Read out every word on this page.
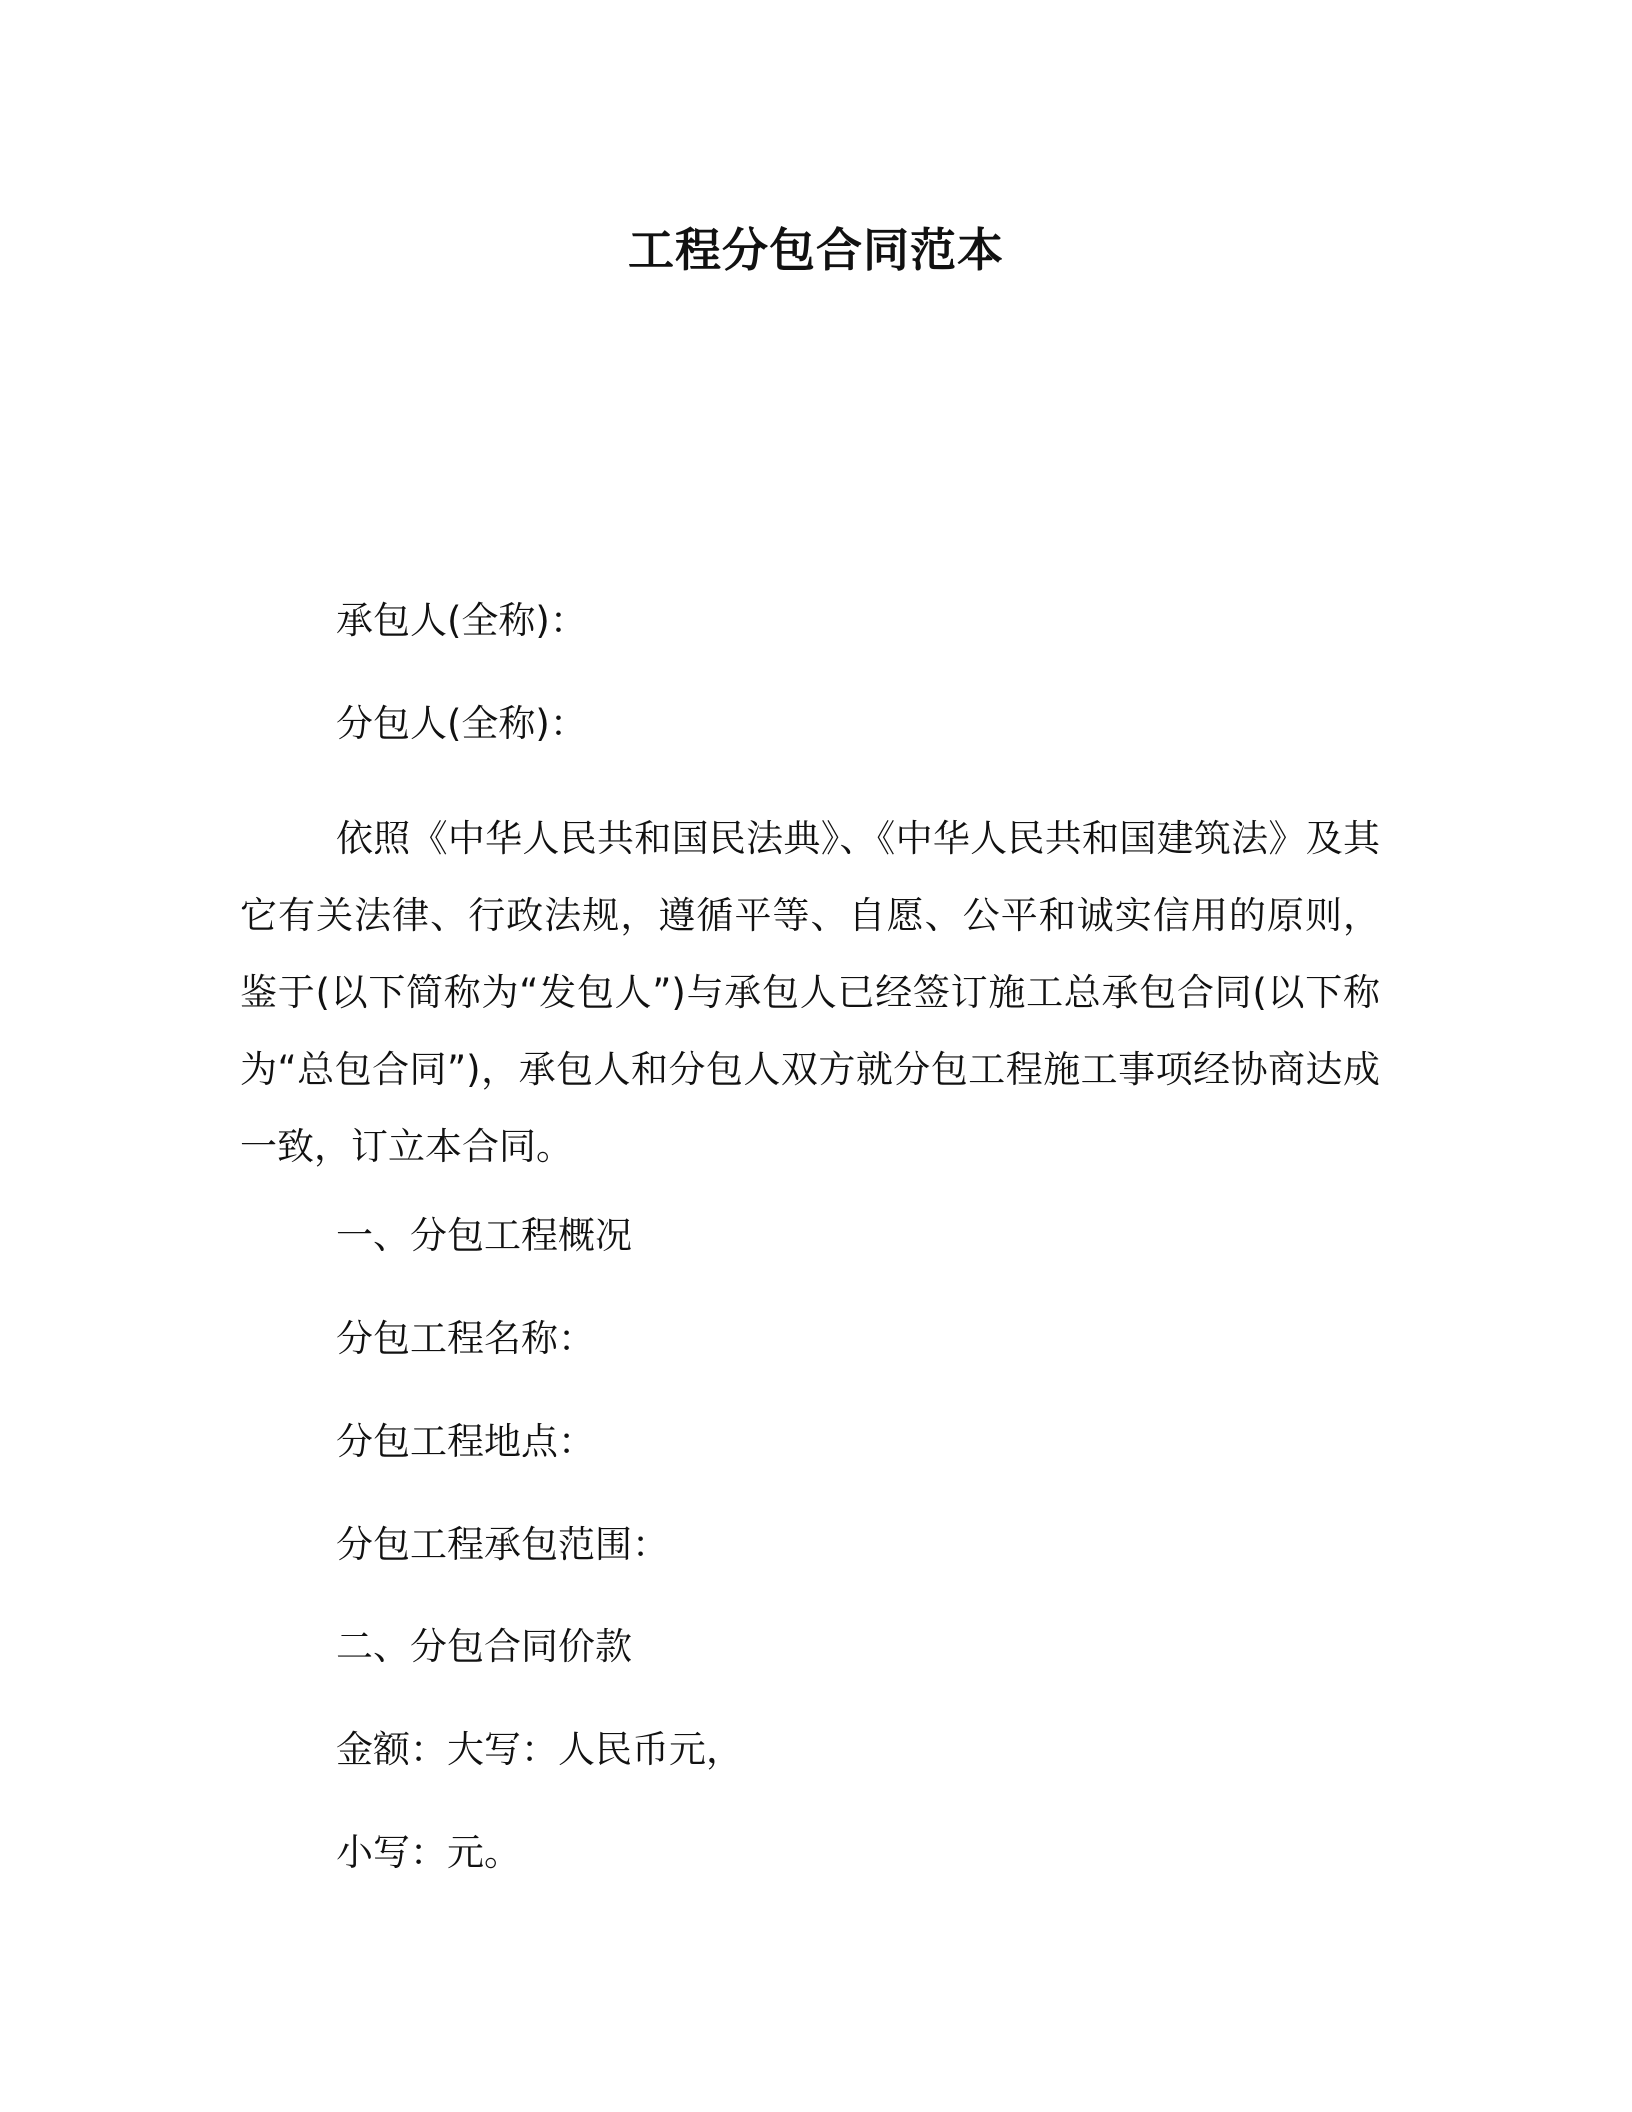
工程分包合同范本
承包人(全称)：
分包人(全称)：

依照《中华人民共和国民法典》、《中华人民共和国建筑法》及其它有关法律、行政法规，遵循平等、自愿、公平和诚实信用的原则，鉴于(以下简称为“发包人”)与承包人已经签订施工总承包合同(以下称为“总包合同”)，承包人和分包人双方就分包工程施工事项经协商达成一致，订立本合同。

一、分包工程概况
分包工程名称：
分包工程地点：
分包工程承包范围：
二、分包合同价款
金额：大写：人民币元，
小写：元。
